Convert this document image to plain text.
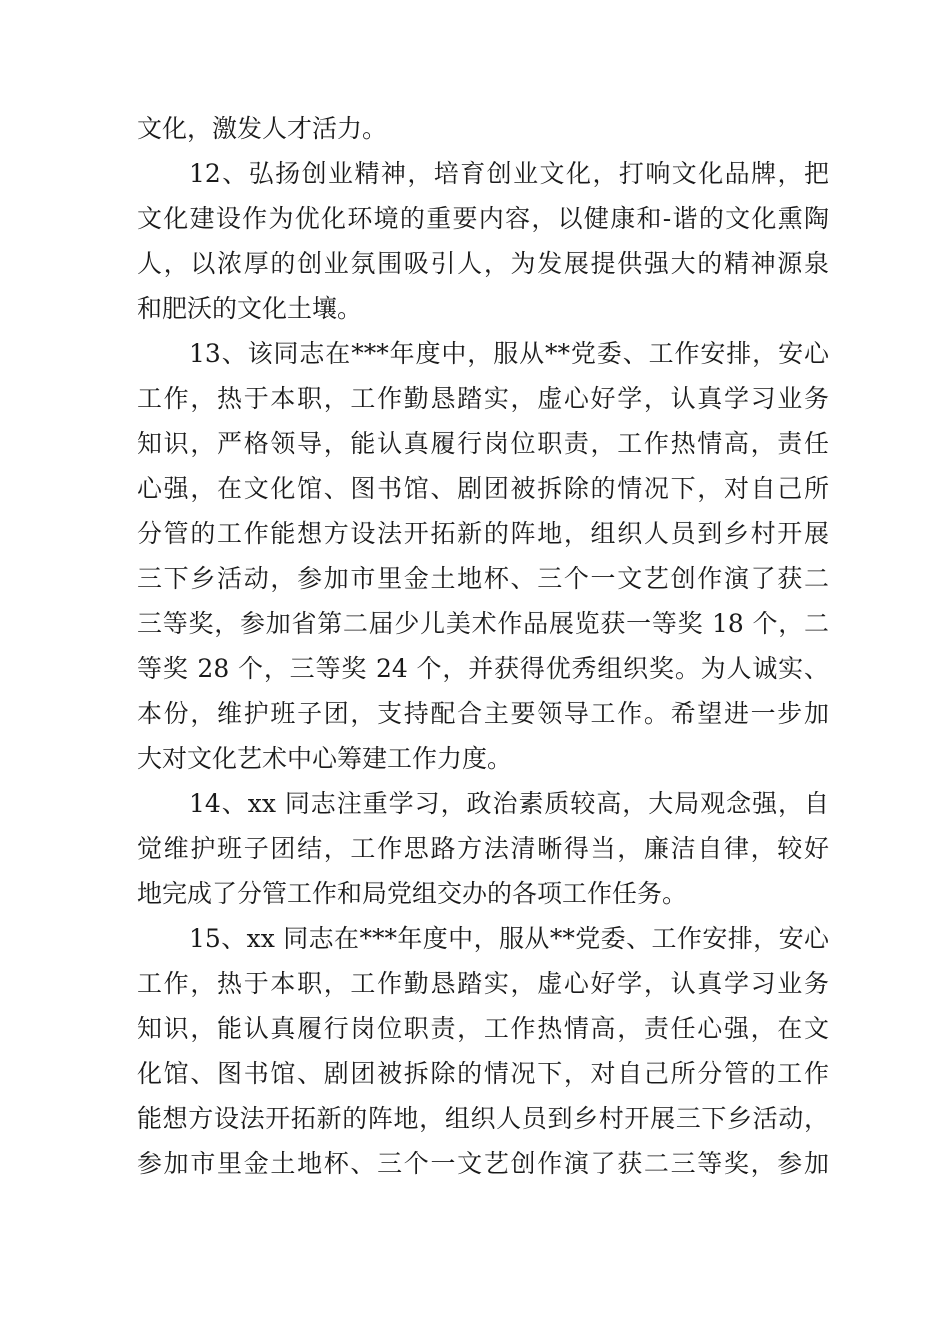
文化，激发人才活力。
12、弘扬创业精神，培育创业文化，打响文化品牌，把
文化建设作为优化环境的重要内容，以健康和-谐的文化熏陶
人，以浓厚的创业氛围吸引人，为发展提供强大的精神源泉
和肥沃的文化土壤。
13、该同志在***年度中，服从**党委、工作安排，安心
工作，热于本职，工作勤恳踏实，虚心好学，认真学习业务
知识，严格领导，能认真履行岗位职责，工作热情高，责任
心强，在文化馆、图书馆、剧团被拆除的情况下，对自己所
分管的工作能想方设法开拓新的阵地，组织人员到乡村开展
三下乡活动，参加市里金土地杯、三个一文艺创作演了获二
三等奖，参加省第二届少儿美术作品展览获一等奖 18 个，二
等奖 28 个，三等奖 24 个，并获得优秀组织奖。为人诚实、
本份，维护班子团，支持配合主要领导工作。希望进一步加
大对文化艺术中心筹建工作力度。
14、xx 同志注重学习，政治素质较高，大局观念强，自
觉维护班子团结，工作思路方法清晰得当，廉洁自律，较好
地完成了分管工作和局党组交办的各项工作任务。
15、xx 同志在***年度中，服从**党委、工作安排，安心
工作，热于本职，工作勤恳踏实，虚心好学，认真学习业务
知识，能认真履行岗位职责，工作热情高，责任心强，在文
化馆、图书馆、剧团被拆除的情况下，对自己所分管的工作
能想方设法开拓新的阵地，组织人员到乡村开展三下乡活动，
参加市里金土地杯、三个一文艺创作演了获二三等奖，参加
